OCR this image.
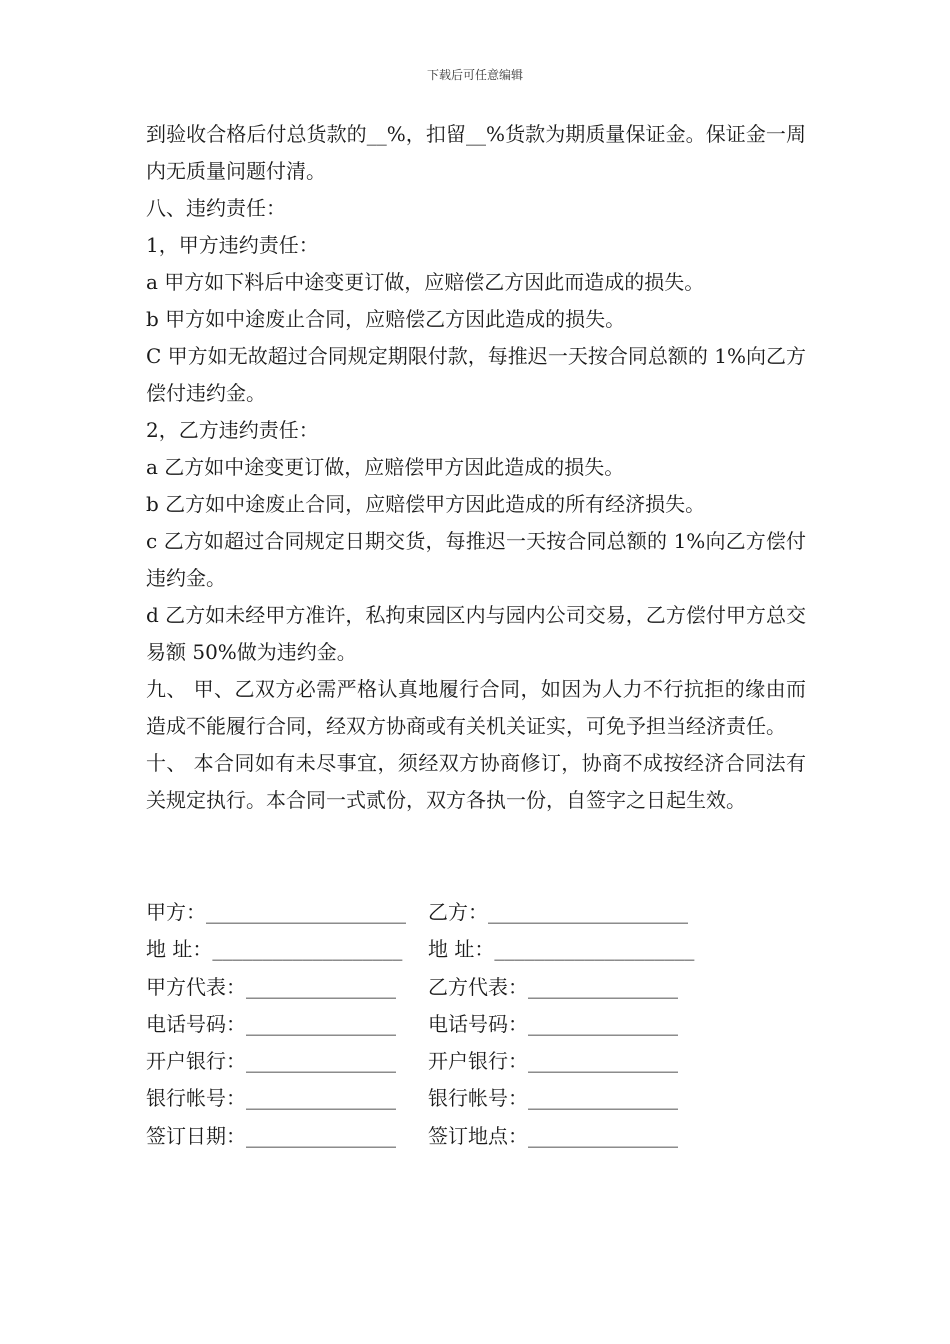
下载后可任意编辑

到验收合格后付总货款的__%，扣留__%货款为期质量保证金。保证金一周内无质量问题付清。

八、违约责任：

1，甲方违约责任：

a 甲方如下料后中途变更订做，应赔偿乙方因此而造成的损失。

b 甲方如中途废止合同，应赔偿乙方因此造成的损失。

C 甲方如无故超过合同规定期限付款，每推迟一天按合同总额的 1%向乙方偿付违约金。

2，乙方违约责任：

a 乙方如中途变更订做，应赔偿甲方因此造成的损失。

b 乙方如中途废止合同，应赔偿甲方因此造成的所有经济损失。

c 乙方如超过合同规定日期交货，每推迟一天按合同总额的 1%向乙方偿付违约金。

d 乙方如未经甲方准许，私拘束园区内与园内公司交易，乙方偿付甲方总交易额 50%做为违约金。

九、 甲、乙双方必需严格认真地履行合同，如因为人力不行抗拒的缘由而造成不能履行合同，经双方协商或有关机关证实，可免予担当经济责任。

十、 本合同如有未尽事宜，须经双方协商修订，协商不成按经济合同法有关规定执行。本合同一式贰份，双方各执一份，自签字之日起生效。

甲方：____________________ 乙方：____________________
地 址：___________________ 地 址：____________________
甲方代表：_______________ 乙方代表：_______________
电话号码：_______________ 电话号码：_______________
开户银行：_______________ 开户银行：_______________
银行帐号：_______________ 银行帐号：_______________
签订日期：_______________ 签订地点：_______________
